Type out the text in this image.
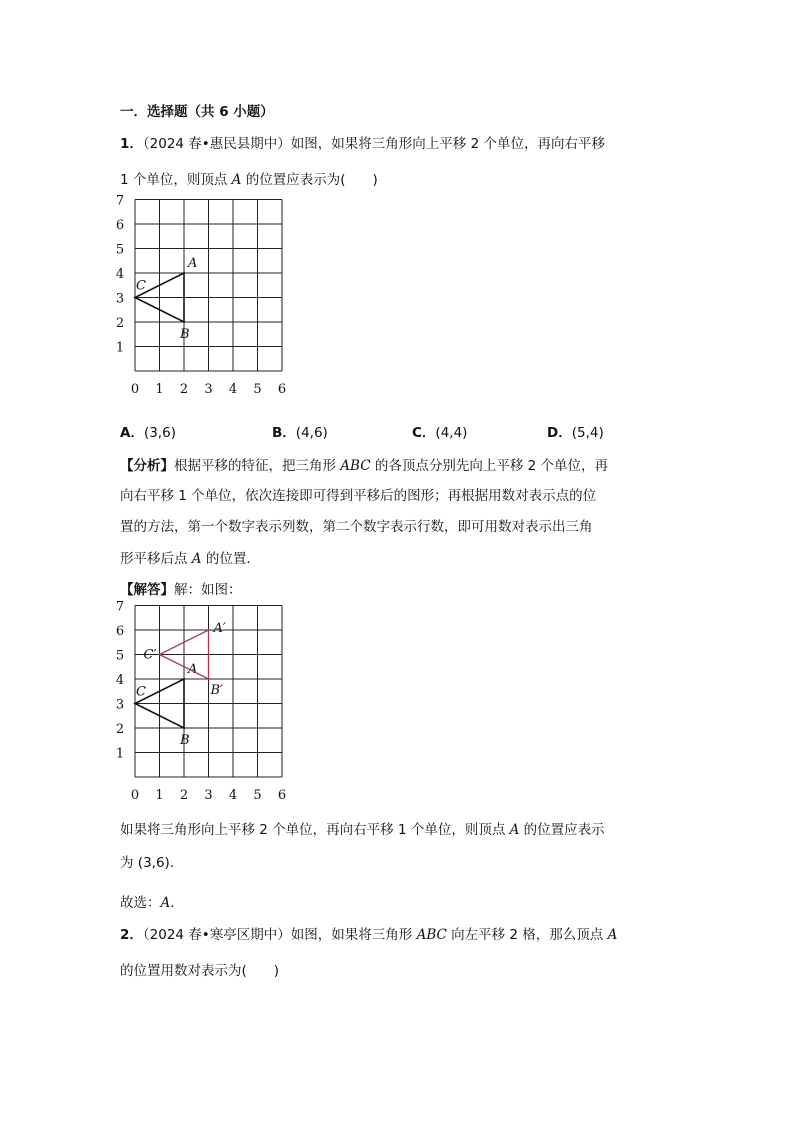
一．选择题（共 6 小题）
1．（2024 春•惠民县期中）如图，如果将三角形向上平移 2 个单位，再向右平移
1 个单位，则顶点 A 的位置应表示为(　　)
0 1 2 3 4 5 6
1
2
3
4
5
6
7
A
B
C
A．(3,6)	B．(4,6)	C．(4,4)	D．(5,4)
【分析】根据平移的特征，把三角形 ABC 的各顶点分别先向上平移 2 个单位，再
向右平移 1 个单位，依次连接即可得到平移后的图形；再根据用数对表示点的位
置的方法，第一个数字表示列数，第二个数字表示行数，即可用数对表示出三角
形平移后点 A 的位置．
【解答】解：如图：
0 1 2 3 4 5 6
1
2
3
4
5
6
7
A
B
C
A′
B′
C′
如果将三角形向上平移 2 个单位，再向右平移 1 个单位，则顶点 A 的位置应表示
为 (3,6)．
故选：A．
2．（2024 春•寒亭区期中）如图，如果将三角形 ABC 向左平移 2 格，那么顶点 A
的位置用数对表示为(　　)
